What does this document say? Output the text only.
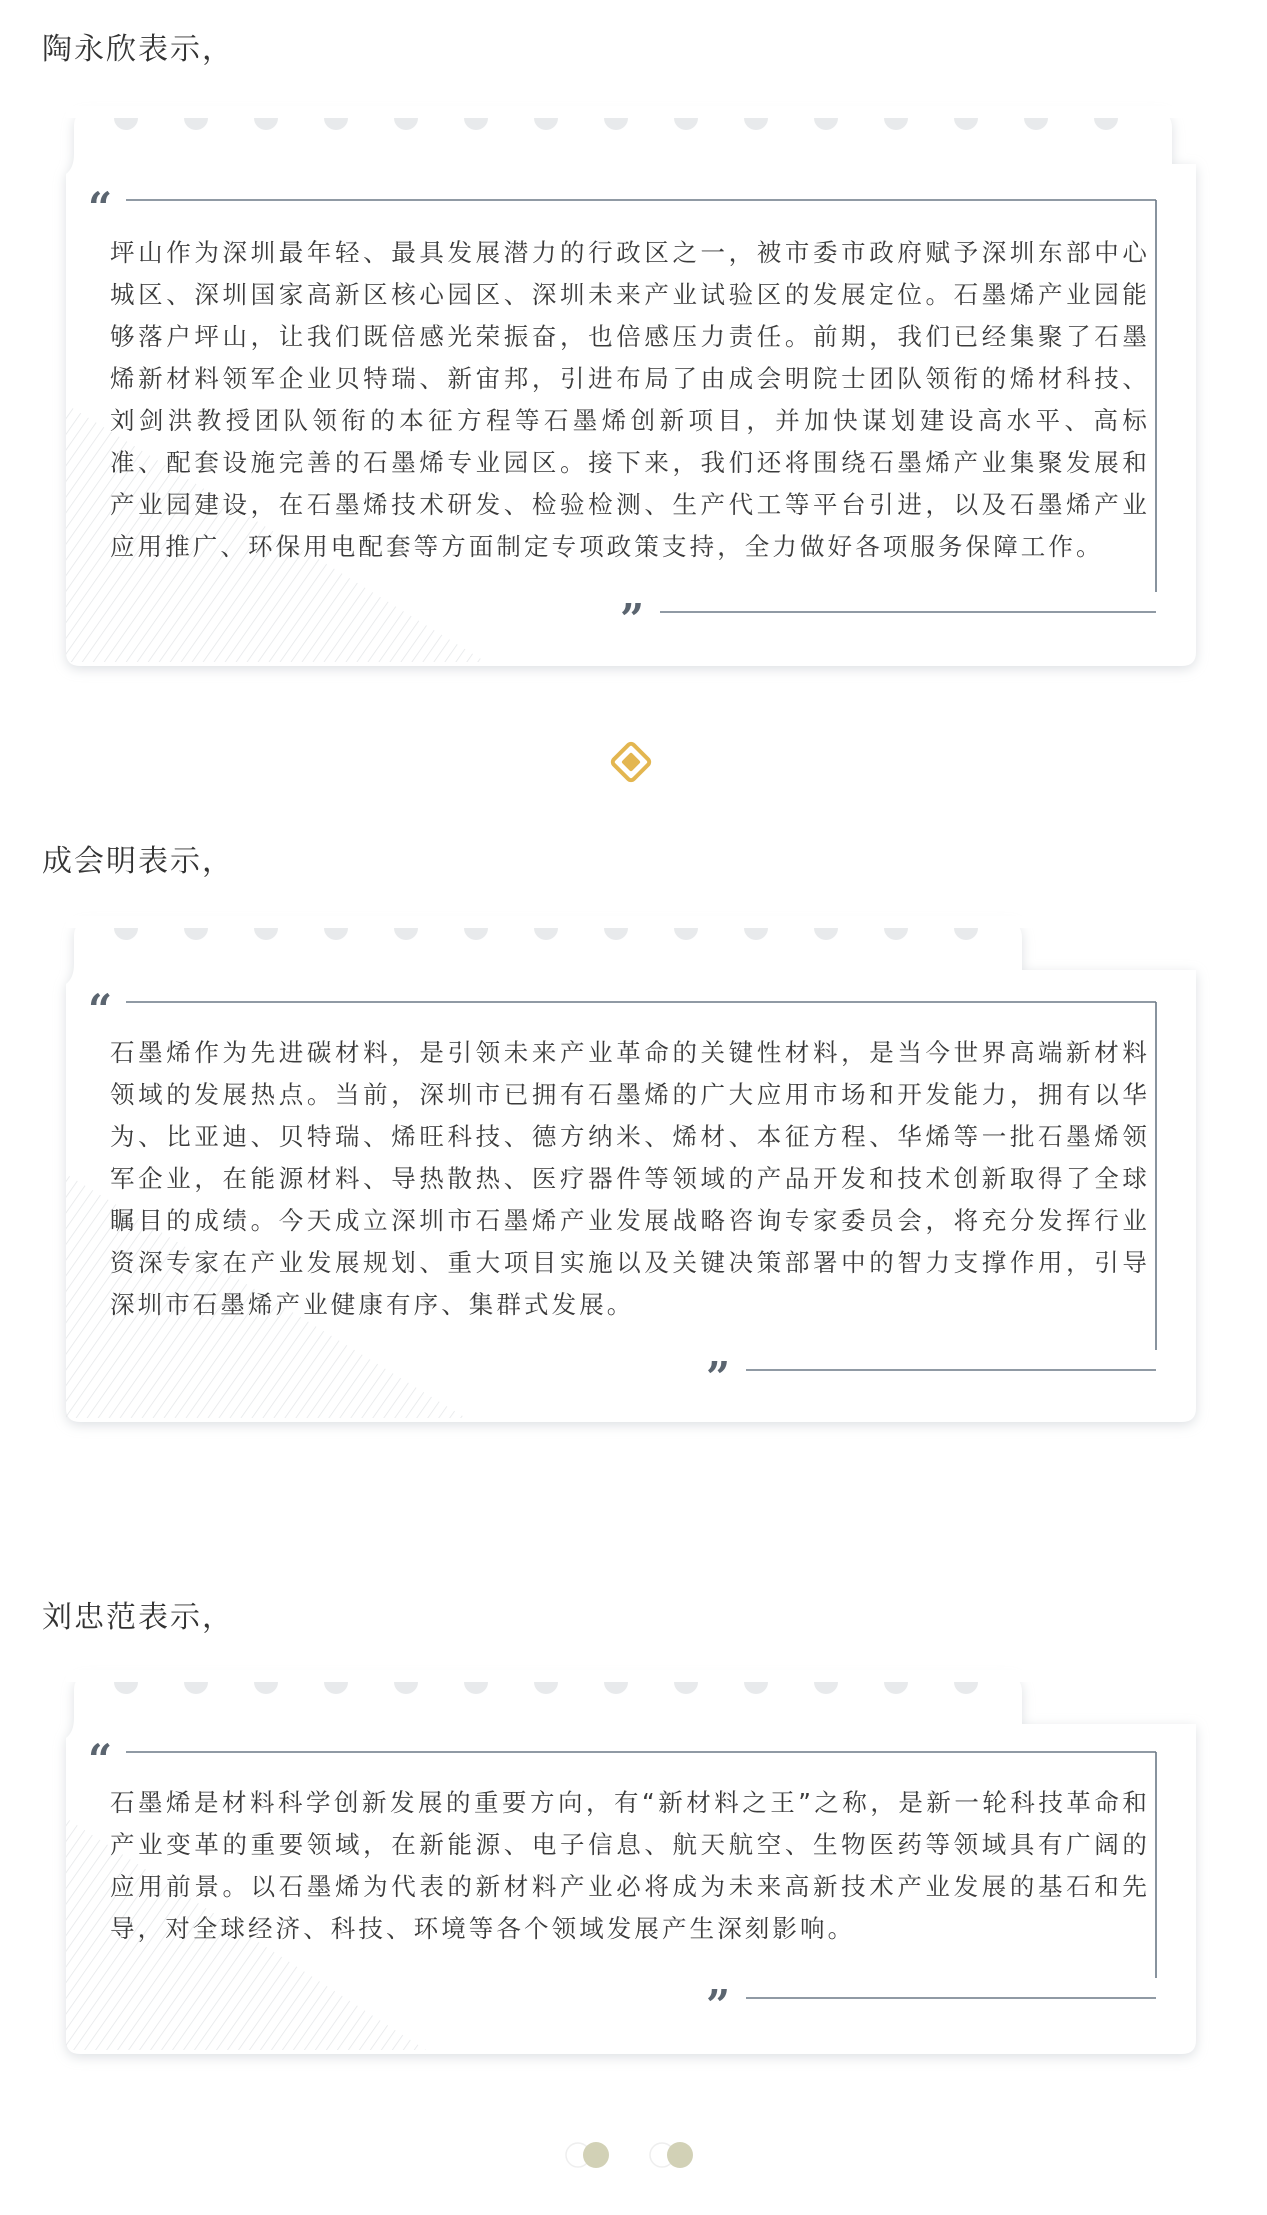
陶永欣表示，
“

坪山作为深圳最年轻、最具发展潜力的行政区之一，被市委市政府赋予深圳东部中心城区、深圳国家高新区核心园区、深圳未来产业试验区的发展定位。石墨烯产业园能够落户坪山，让我们既倍感光荣振奋，也倍感压力责任。前期，我们已经集聚了石墨烯新材料领军企业贝特瑞、新宙邦，引进布局了由成会明院士团队领衔的烯材科技、刘剑洪教授团队领衔的本征方程等石墨烯创新项目，并加快谋划建设高水平、高标准、配套设施完善的石墨烯专业园区。接下来，我们还将围绕石墨烯产业集聚发展和产业园建设，在石墨烯技术研发、检验检测、生产代工等平台引进，以及石墨烯产业应用推广、环保用电配套等方面制定专项政策支持，全力做好各项服务保障工作。

”
成会明表示，
“

石墨烯作为先进碳材料，是引领未来产业革命的关键性材料，是当今世界高端新材料领域的发展热点。当前，深圳市已拥有石墨烯的广大应用市场和开发能力，拥有以华为、比亚迪、贝特瑞、烯旺科技、德方纳米、烯材、本征方程、华烯等一批石墨烯领军企业，在能源材料、导热散热、医疗器件等领域的产品开发和技术创新取得了全球瞩目的成绩。今天成立深圳市石墨烯产业发展战略咨询专家委员会，将充分发挥行业资深专家在产业发展规划、重大项目实施以及关键决策部署中的智力支撑作用，引导深圳市石墨烯产业健康有序、集群式发展。

”
刘忠范表示，
“

石墨烯是材料科学创新发展的重要方向，有“新材料之王”之称，是新一轮科技革命和产业变革的重要领域，在新能源、电子信息、航天航空、生物医药等领域具有广阔的应用前景。以石墨烯为代表的新材料产业必将成为未来高新技术产业发展的基石和先导，对全球经济、科技、环境等各个领域发展产生深刻影响。

”
